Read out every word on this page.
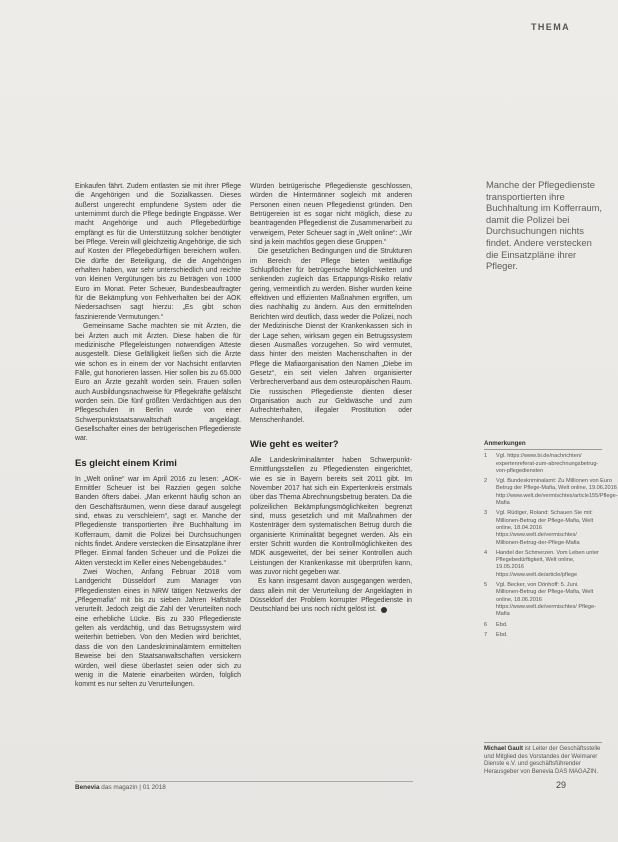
THEMA

Einkaufen fährt. Zudem entlasten sie mit ihrer Pflege die Angehörigen und die Sozialkassen. Dieses äußerst ungerecht empfundene System oder die unternimmt durch die Pflege bedingte Engpässe. Wer macht Angehörige und auch Pflegebedürftige empfängt es für die Unterstützung solcher benötigter bei Pflege. Verein will gleichzeitig Angehörige, die sich auf Kosten der Pflegebedürftigen bereichern wollen. Die dürfte der Beteiligung, die die Angehörigen erhalten haben, war sehr unterschiedlich und reichte von kleinen Vergütungen bis zu Beträgen von 1000 Euro im Monat. Peter Scheuer, Bundesbeauftragter für die Bekämpfung von Fehlverhalten bei der AOK Niedersachsen sagt hierzu: „Es gibt schon faszinierende Vermutungen.“

Gemeinsame Sache machten sie mit Ärzten, die bei Ärzten auch mit Ärzten. Diese haben die für medizinische Pflegeleistungen notwendigen Atteste ausgestellt. Diese Gefälligkeit ließen sich die Ärzte wie schon es in einem der vor Nachsicht entlarvten Fälle, gut honorieren lassen. Hier sollen bis zu 65.000 Euro an Ärzte gezahlt worden sein. Frauen sollen auch Ausbildungsnachweise für Pflegekräfte gefälscht worden sein. Die fünf größten Verdächtigen aus den Pflegeschulen in Berlin wurde von einer Schwerpunktstaatsanwaltschaft angeklagt. Gesellschafter eines der betrügerischen Pflegedienste war.

Es gleicht einem Krimi

In „Welt online“ war im April 2016 zu lesen: „AOK-Ermittler Scheuer ist bei Razzien gegen solche Banden öfters dabei. „Man erkennt häufig schon an den Geschäftsräumen, wenn diese darauf ausgelegt sind, etwas zu verschleiern“, sagt er. Manche der Pflegedienste transportierten ihre Buchhaltung im Kofferraum, damit die Polizei bei Durchsuchungen nichts findet. Andere verstecken die Einsatzpläne ihrer Pfleger. Einmal fanden Scheuer und die Polizei die Akten versteckt im Keller eines Nebengebäudes.“

Zwei Wochen, Anfang Februar 2018 vom Landgericht Düsseldorf zum Manager von Pflegediensten eines in NRW tätigen Netzwerks der „Pflegemafia“ mit bis zu sieben Jahren Haftstrafe verurteilt. Jedoch zeigt die Zahl der Verurteilten noch eine erhebliche Lücke. Bis zu 330 Pflegedienste gelten als verdächtig, und das Betrugssystem wird weiterhin betrieben. Von den Medien wird berichtet, dass die von den Landeskriminalämtern ermittelten Beweise bei den Staatsanwaltschaften versickern würden, weil diese überlastet seien oder sich zu wenig in die Materie einarbeiten würden, folglich kommt es nur selten zu Verurteilungen.

Würden betrügerische Pflegedienste geschlossen, würden die Hintermänner sogleich mit anderen Personen einen neuen Pflegedienst gründen. Den Betrügereien ist es sogar nicht möglich, diese zu beantragenden Pflegedienst die Zusammenarbeit zu verweigern, Peter Scheuer sagt in „Welt online“: „Wir sind ja kein machtlos gegen diese Gruppen.“

Die gesetzlichen Bedingungen und die Strukturen im Bereich der Pflege bieten weitläufige Schlupflöcher für betrügerische Möglichkeiten und senkenden zugleich das Ertappungs-Risiko relativ gering, vermeintlich zu werden. Bisher wurden keine effektiven und effizienten Maßnahmen ergriffen, um dies nachhaltig zu ändern. Aus den ermittelnden Berichten wird deutlich, dass weder die Polizei, noch der Medizinische Dienst der Krankenkassen sich in der Lage sehen, wirksam gegen ein Betrugssystem diesen Ausmaßes vorzugehen. So wird vermutet, dass hinter den meisten Machenschaften in der Pflege die Mafiaorganisation den Namen „Diebe im Gesetz“, ein seit vielen Jahren organisierter Verbrecherverband aus dem osteuropäischen Raum. Die russischen Pflegedienste dienten dieser Organisation auch zur Geldwäsche und zum Aufrechterhalten, illegaler Prostitution oder Menschenhandel.

Wie geht es weiter?

Alle Landeskriminalämter haben Schwerpunkt-Ermittlungsstellen zu Pflegediensten eingerichtet, wie es sie in Bayern bereits seit 2011 gibt. Im November 2017 hat sich ein Expertenkreis erstmals über das Thema Abrechnungsbetrug beraten. Da die polizeilichen Bekämpfungsmöglichkeiten begrenzt sind, muss gesetzlich und mit Maßnahmen der Kostenträger dem systematischen Betrug durch die organisierte Kriminalität begegnet werden. Als ein erster Schritt wurden die Kontrollmöglichkeiten des MDK ausgeweitet, der bei seiner Kontrollen auch Leistungen der Krankenkasse mit überprüfen kann, was zuvor nicht gegeben war.

Es kann insgesamt davon ausgegangen werden, dass allein mit der Verurteilung der Angeklagten in Düsseldorf der Problem korrupter Pflegedienste in Deutschland bei uns noch nicht gelöst ist.

Manche der Pflegedienste transportierten ihre Buchhaltung im Kofferraum, damit die Polizei bei Durchsuchungen nichts findet. Andere verstecken die Einsatzpläne ihrer Pfleger.
Anmerkungen
1	Vgl. https://www.bi.de/nachrichten/ expertenreferat-zum-abrechnungsbetrug-von-pflegediensten
2	Vgl. Bundeskriminalamt: Zu Millionen von Euro Betrug der Pflege-Mafia, Welt online, 19.06.2016 http://www.welt.de/vermischtes/article155/Pflege-Mafia
3	Vgl. Rüdiger, Roland: Schauen Sie mit: Millionen-Betrug der Pflege-Mafia, Welt online, 18.04.2016 https://www.welt.de/vermischtes/ Millionen-Betrug-der-Pflege-Mafia
4	Handel der Schmerzen. Vom Leben unter Pflegebedürftigkeit, Welt online, 19.05.2016 https://www.welt.de/article/pflege
5	Vgl. Becker, von Dönhoff: 5. Juni. Millionen-Betrug der Pflege-Mafia, Welt online, 18.06.2016 https://www.welt.de/vermischtes/ Pflege-Mafia
6	Ebd.
7	Ebd.
Michael Gault ist Leiter der Geschäftsstelle und Mitglied des Vorstandes der Weimarer Dienste e.V. und geschäftsführender Herausgeber von Benevia DAS MAGAZIN.
Benevia das magazin | 01 2018	29
